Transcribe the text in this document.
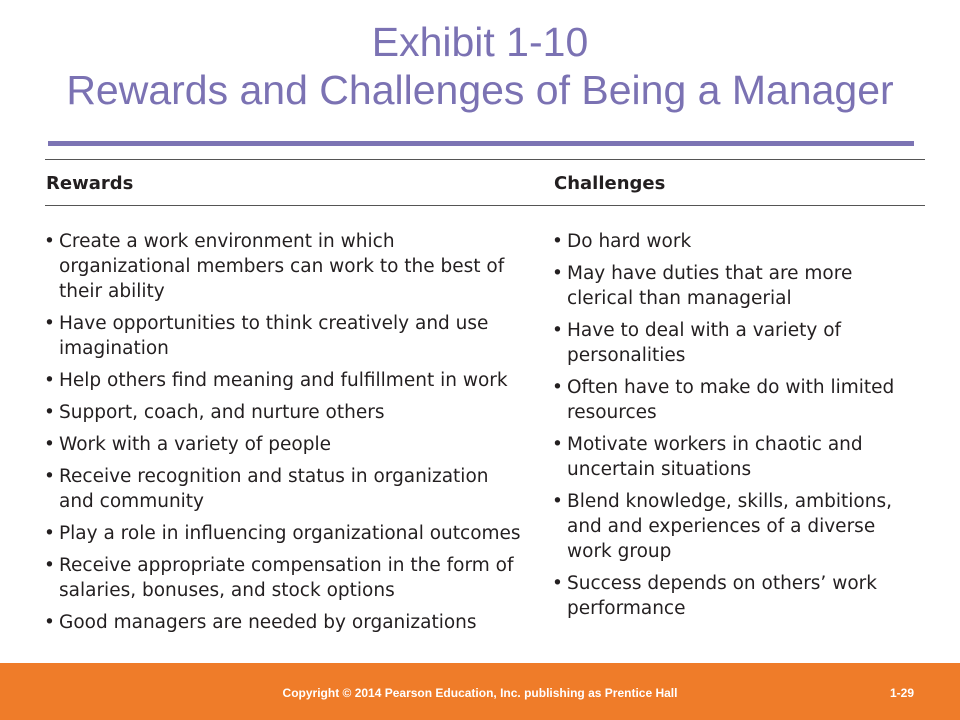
Exhibit 1-10
Rewards and Challenges of Being a Manager
Rewards	Challenges
• Create a work environment in which organizational members can work to the best of their ability
• Have opportunities to think creatively and use imagination
• Help others find meaning and fulfillment in work
• Support, coach, and nurture others
• Work with a variety of people
• Receive recognition and status in organization and community
• Play a role in influencing organizational outcomes
• Receive appropriate compensation in the form of salaries, bonuses, and stock options
• Good managers are needed by organizations
• Do hard work
• May have duties that are more clerical than managerial
• Have to deal with a variety of personalities
• Often have to make do with limited resources
• Motivate workers in chaotic and uncertain situations
• Blend knowledge, skills, ambitions, and and experiences of a diverse work group
• Success depends on others’ work performance
Copyright © 2014 Pearson Education, Inc. publishing as Prentice Hall	1-29
